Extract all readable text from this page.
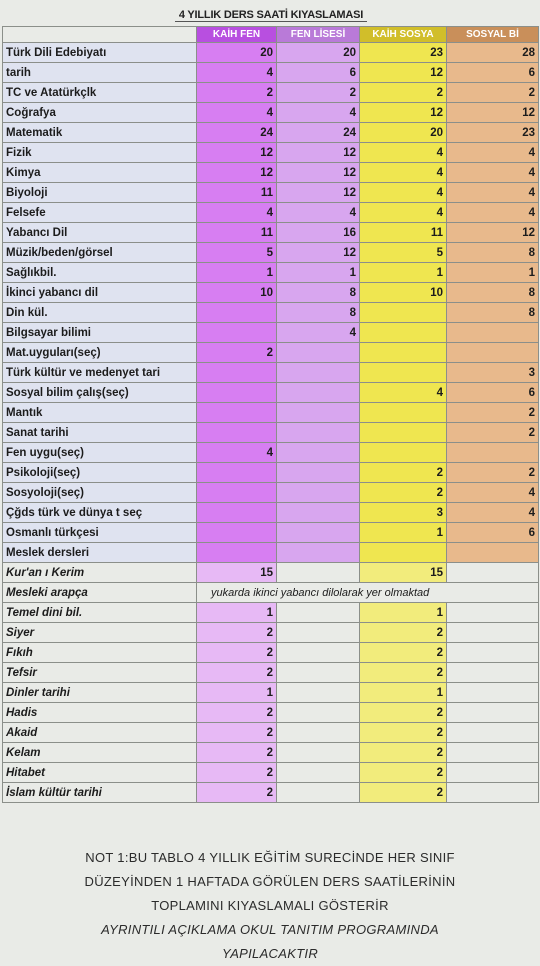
4 YILLIK DERS SAATİ KIYASLAMASI
	KAİH FEN	FEN LİSESİ	KAİH SOSYA	SOSYAL Bİ
Türk Dili Edebiyatı	20	20	23	28
tarih	4	6	12	6
TC ve Atatürkçlk	2	2	2	2
Coğrafya	4	4	12	12
Matematik	24	24	20	23
Fizik	12	12	4	4
Kimya	12	12	4	4
Biyoloji	11	12	4	4
Felsefe	4	4	4	4
Yabancı Dil	11	16	11	12
Müzik/beden/görsel	5	12	5	8
Sağlıkbil.	1	1	1	1
İkinci yabancı dil	10	8	10	8
Din kül.		8		8
Bilgsayar bilimi		4		
Mat.uyguları(seç)	2			
Türk kültür ve medenyet tari				3
Sosyal bilim çalış(seç)			4	6
Mantık				2
Sanat tarihi				2
Fen uygu(seç)	4			
Psikoloji(seç)			2	2
Sosyoloji(seç)			2	4
Çğds türk ve dünya t seç			3	4
Osmanlı türkçesi			1	6
Meslek dersleri				
Kur'an ı Kerim	15		15	
Mesleki arapça	yukarda ikinci yabancı dilolarak yer olmaktad			
Temel dini bil.	1		1	
Siyer	2		2	
Fıkıh	2		2	
Tefsir	2		2	
Dinler tarihi	1		1	
Hadis	2		2	
Akaid	2		2	
Kelam	2		2	
Hitabet	2		2	
İslam kültür tarihi	2		2	
NOT 1:BU TABLO 4 YILLIK EĞİTİM SURECİNDE HER SINIF
DÜZEYİNDEN 1 HAFTADA GÖRÜLEN DERS SAATİLERİNİN
TOPLAMINI KIYASLAMALI GÖSTERİR
AYRINTILI AÇIKLAMA OKUL TANITIM PROGRAMINDA
YAPILACAKTIR
